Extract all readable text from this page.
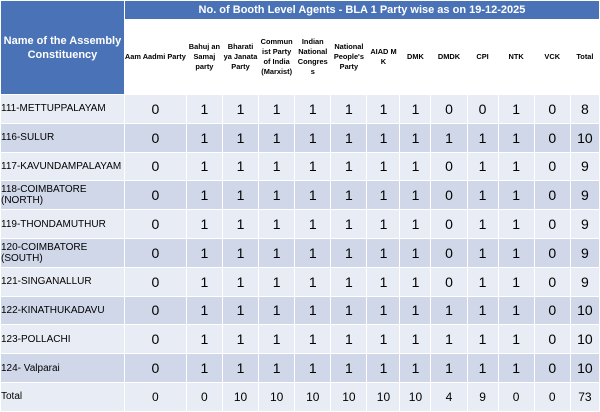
Name of the Assembly Constituency	No. of Booth Level Agents - BLA 1 Party wise as on 19-12-2025												
	Aam Aadmi Party	Bahuj an Samaj party	Bharati ya Janata Party	Commun ist Party of India (Marxist)	Indian National Congres s	National People's Party	AIAD M K	DMK	DMDK	CPI	NTK	VCK	Total
111-METTUPPALAYAM	0	1	1	1	1	1	1	1	0	0	1	0	8
116-SULUR	0	1	1	1	1	1	1	1	1	1	1	0	10
117-KAVUNDAMPALAYAM	0	1	1	1	1	1	1	1	0	1	1	0	9
118-COIMBATORE (NORTH)	0	1	1	1	1	1	1	1	0	1	1	0	9
119-THONDAMUTHUR	0	1	1	1	1	1	1	1	0	1	1	0	9
120-COIMBATORE (SOUTH)	0	1	1	1	1	1	1	1	0	1	1	0	9
121-SINGANALLUR	0	1	1	1	1	1	1	1	0	1	1	0	9
122-KINATHUKADAVU	0	1	1	1	1	1	1	1	1	1	1	0	10
123-POLLACHI	0	1	1	1	1	1	1	1	1	1	1	0	10
124- Valparai	0	1	1	1	1	1	1	1	1	1	1	0	10
Total	0	0	10	10	10	10	10	10	4	9	0	0	73
